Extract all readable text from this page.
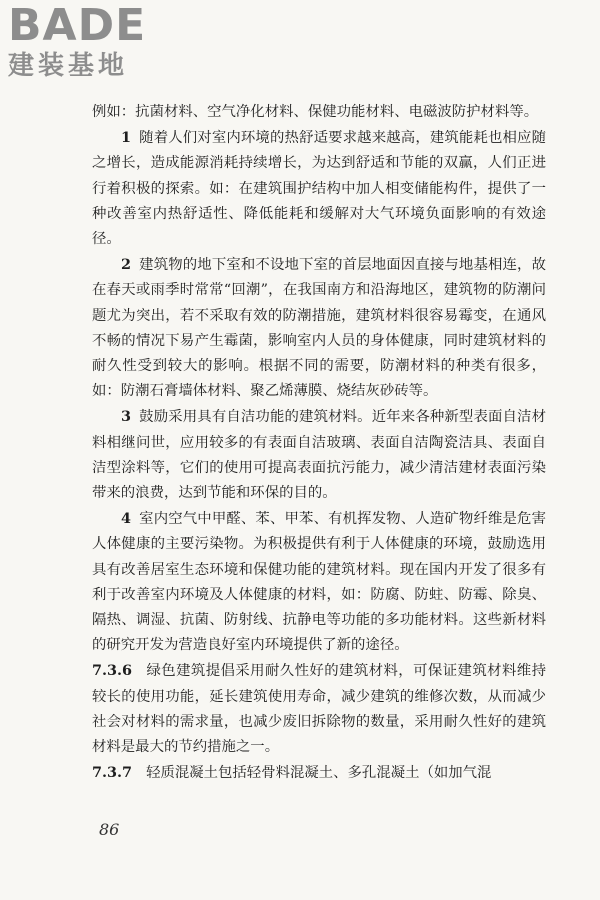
BADE
建装基地

例如：抗菌材料、空气净化材料、保健功能材料、电磁波防护材料等。

1 随着人们对室内环境的热舒适要求越来越高，建筑能耗也相应随之增长，造成能源消耗持续增长，为达到舒适和节能的双赢，人们正进行着积极的探索。如：在建筑围护结构中加人相变储能构件，提供了一种改善室内热舒适性、降低能耗和缓解对大气环境负面影响的有效途径。

2 建筑物的地下室和不设地下室的首层地面因直接与地基相连，故在春天或雨季时常常“回潮”，在我国南方和沿海地区，建筑物的防潮问题尤为突出，若不采取有效的防潮措施，建筑材料很容易霉变，在通风不畅的情况下易产生霉菌，影响室内人员的身体健康，同时建筑材料的耐久性受到较大的影响。根据不同的需要，防潮材料的种类有很多，如：防潮石膏墙体材料、聚乙烯薄膜、烧结灰砂砖等。

3 鼓励采用具有自洁功能的建筑材料。近年来各种新型表面自洁材料相继问世，应用较多的有表面自洁玻璃、表面自洁陶瓷洁具、表面自洁型涂料等，它们的使用可提高表面抗污能力，减少清洁建材表面污染带来的浪费，达到节能和环保的目的。

4 室内空气中甲醛、苯、甲苯、有机挥发物、人造矿物纤维是危害人体健康的主要污染物。为积极提供有利于人体健康的环境，鼓励选用具有改善居室生态环境和保健功能的建筑材料。现在国内开发了很多有利于改善室内环境及人体健康的材料，如：防腐、防蛀、防霉、除臭、隔热、调湿、抗菌、防射线、抗静电等功能的多功能材料。这些新材料的研究开发为营造良好室内环境提供了新的途径。

7.3.6 绿色建筑提倡采用耐久性好的建筑材料，可保证建筑材料维持较长的使用功能，延长建筑使用寿命，减少建筑的维修次数，从而减少社会对材料的需求量，也减少废旧拆除物的数量，采用耐久性好的建筑材料是最大的节约措施之一。

7.3.7 轻质混凝土包括轻骨料混凝土、多孔混凝土（如加气混

86
